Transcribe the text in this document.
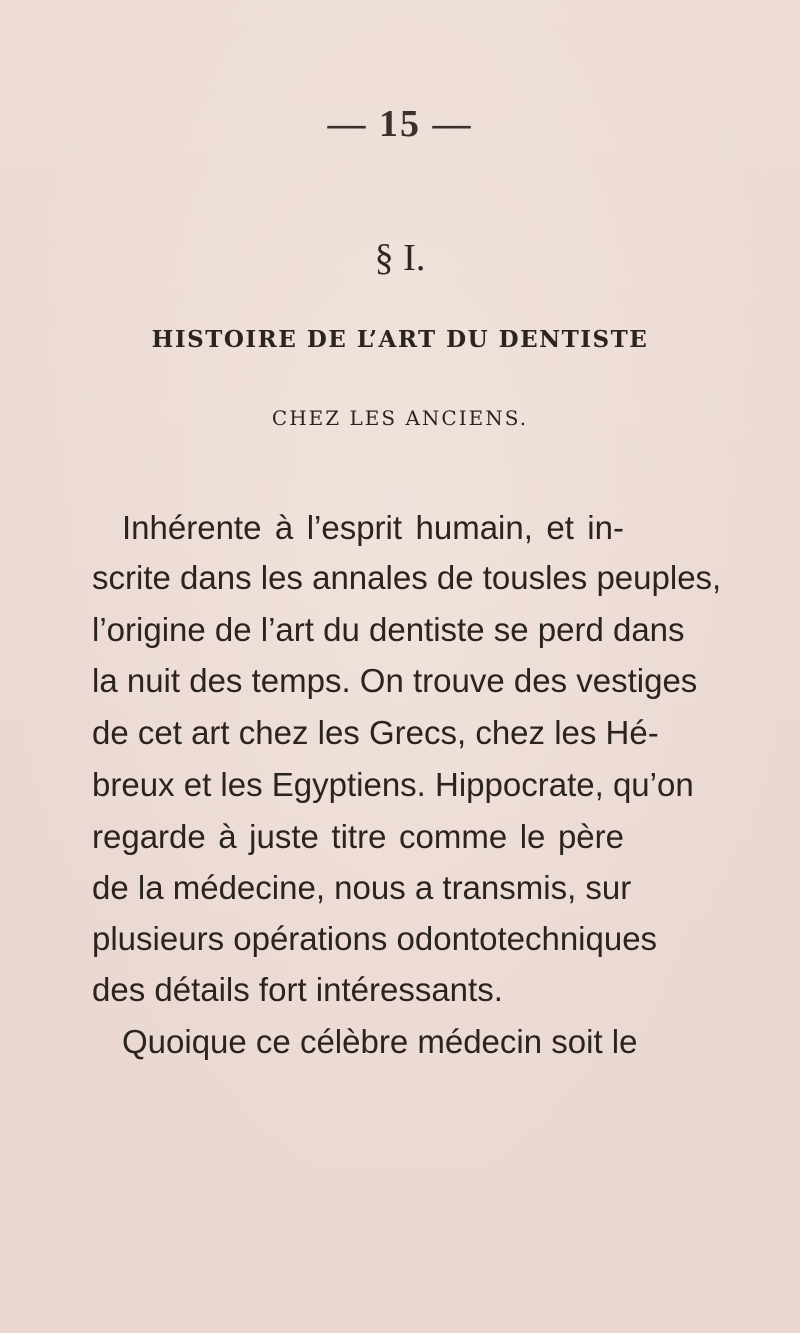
— 15 —
§ I.
HISTOIRE DE L’ART DU DENTISTE
CHEZ LES ANCIENS.
Inhérente à l’esprit humain, et in-
scrite dans les annales de tousles peuples,
l’origine de l’art du dentiste se perd dans
la nuit des temps. On trouve des vestiges
de cet art chez les Grecs, chez les Hé-
breux et les Egyptiens. Hippocrate, qu’on
regarde à juste titre comme le père
de la médecine, nous a transmis, sur
plusieurs opérations odontotechniques
des détails fort intéressants.
Quoique ce célèbre médecin soit le
